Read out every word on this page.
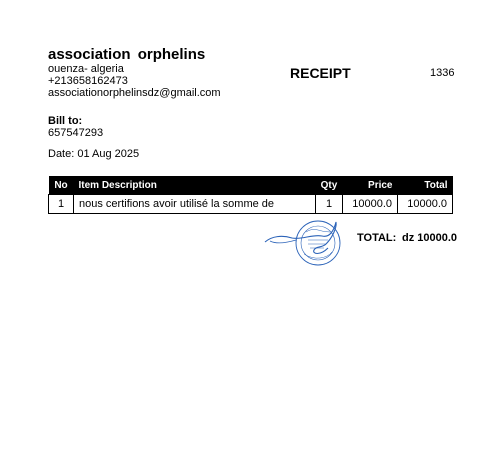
association orphelins
ouenza- algeria
+213658162473
associationorphelinsdz@gmail.com
RECEIPT	1336
Bill to:
657547293
Date: 01 Aug 2025
No	Item Description	Qty	Price	Total
1	nous certifions avoir utilisé la somme de	1	10000.0	10000.0
TOTAL: dz 10000.0
